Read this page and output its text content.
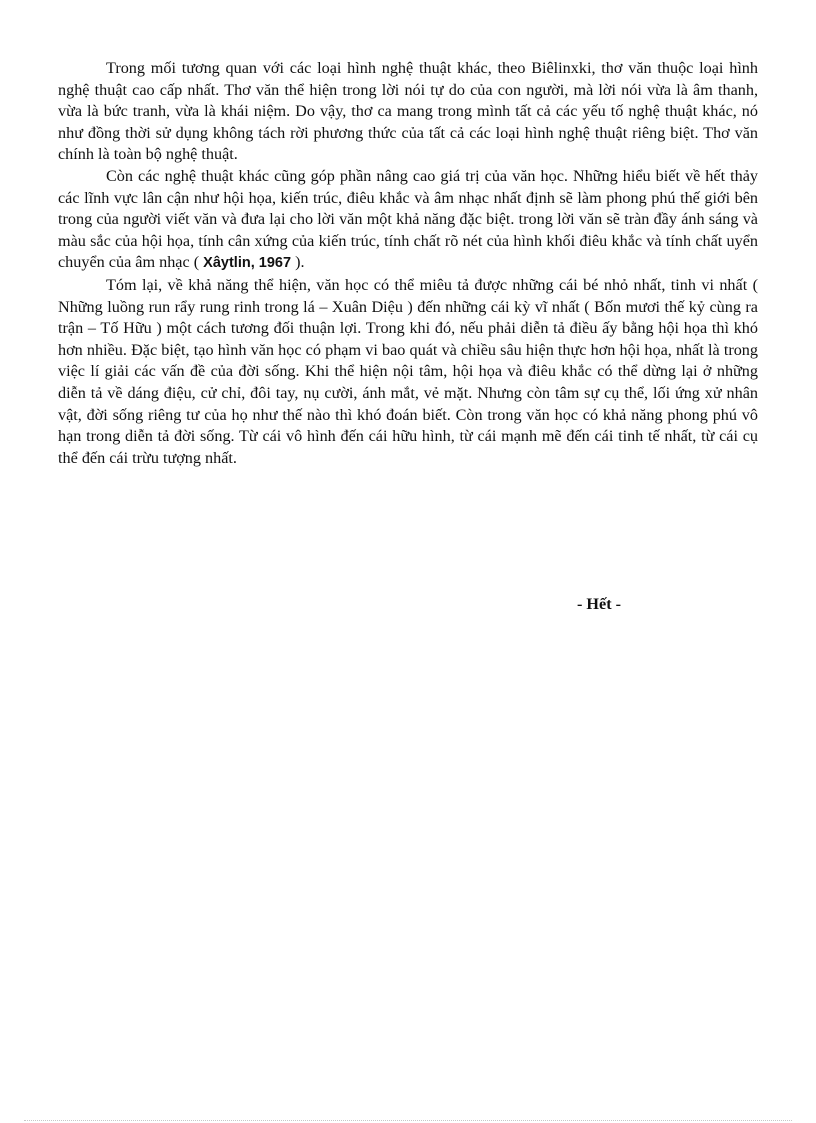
Trong mối tương quan với các loại hình nghệ thuật khác, theo Biêlinxki, thơ văn thuộc loại hình nghệ thuật cao cấp nhất. Thơ văn thể hiện trong lời nói tự do của con người, mà lời nói vừa là âm thanh, vừa là bức tranh, vừa là khái niệm. Do vậy, thơ ca mang trong mình tất cả các yếu tố nghệ thuật khác, nó như đồng thời sử dụng không tách rời phương thức của tất cả các loại hình nghệ thuật riêng biệt. Thơ văn chính là toàn bộ nghệ thuật.

Còn các nghệ thuật khác cũng góp phần nâng cao giá trị của văn học. Những hiểu biết về hết thảy các lĩnh vực lân cận như hội họa, kiến trúc, điêu khắc và âm nhạc nhất định sẽ làm phong phú thế giới bên trong của người viết văn và đưa lại cho lời văn một khả năng đặc biệt. trong lời văn sẽ tràn đầy ánh sáng và màu sắc của hội họa, tính cân xứng của kiến trúc, tính chất rõ nét của hình khối điêu khắc và tính chất uyển chuyển của âm nhạc ( Xâytlin, 1967 ).

Tóm lại, về khả năng thể hiện, văn học có thể miêu tả được những cái bé nhỏ nhất, tinh vi nhất ( Những luồng run rẩy rung rinh trong lá – Xuân Diệu ) đến những cái kỳ vĩ nhất ( Bốn mươi thế kỷ cùng ra trận – Tố Hữu ) một cách tương đối thuận lợi. Trong khi đó, nếu phải diễn tả điều ấy bằng hội họa thì khó hơn nhiều. Đặc biệt, tạo hình văn học có phạm vi bao quát và chiều sâu hiện thực hơn hội họa, nhất là trong việc lí giải các vấn đề của đời sống. Khi thể hiện nội tâm, hội họa và điêu khắc có thể dừng lại ở những diễn tả về dáng điệu, cử chỉ, đôi tay, nụ cười, ánh mắt, vẻ mặt. Nhưng còn tâm sự cụ thể, lối ứng xử nhân vật, đời sống riêng tư của họ như thế nào thì khó đoán biết. Còn trong văn học có khả năng phong phú vô hạn trong diễn tả đời sống. Từ cái vô hình đến cái hữu hình, từ cái mạnh mẽ đến cái tinh tế nhất, từ cái cụ thể đến cái trừu tượng nhất.

- Hết -
